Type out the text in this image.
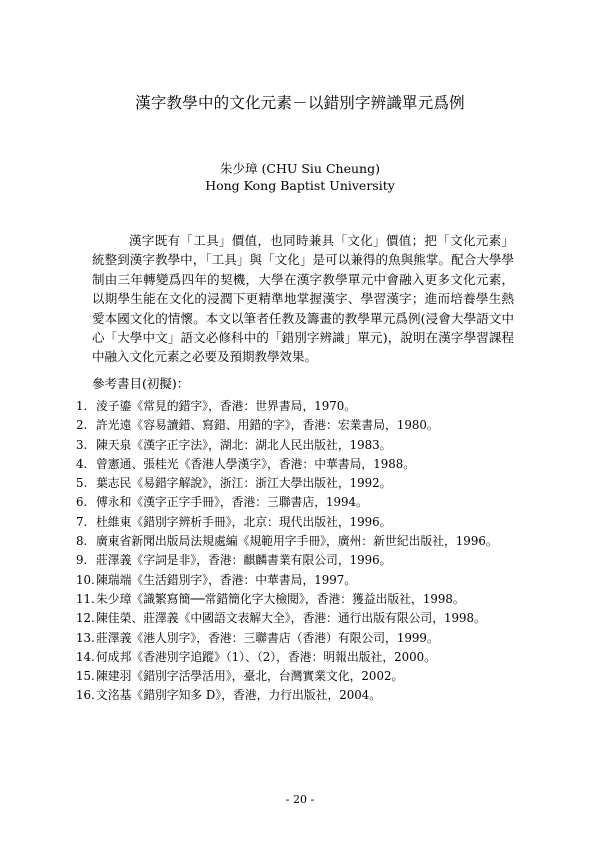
漢字教學中的文化元素－以錯別字辨識單元爲例
朱少璋 (CHU Siu Cheung)
Hong Kong Baptist University
漢字既有「工具」價值，也同時兼具「文化」價值；把「文化元素」統整到漢字教學中，「工具」與「文化」是可以兼得的魚與熊掌。配合大學學制由三年轉變爲四年的契機，大學在漢字教學單元中會融入更多文化元素，以期學生能在文化的浸潤下更精準地掌握漢字、學習漢字；進而培養學生熱愛本國文化的情懷。本文以筆者任教及籌畫的教學單元爲例(浸會大學語文中心「大學中文」語文必修科中的「錯別字辨識」單元)，說明在漢字學習課程中融入文化元素之必要及預期教學效果。
參考書目(初擬)：
1. 淩子鎏《常見的錯字》，香港：世界書局，1970。
2. 許光遠《容易讀錯、寫錯、用錯的字》，香港：宏業書局，1980。
3. 陳天泉《漢字正字法》，湖北：湖北人民出版社，1983。
4. 曾憲通、張桂光《香港人學漢字》，香港：中華書局，1988。
5. 葉志民《易錯字解說》，浙江：浙江大學出版社，1992。
6. 傅永和《漢字正字手冊》，香港：三聯書店，1994。
7. 杜維東《錯別字辨析手冊》，北京：現代出版社，1996。
8. 廣東省新聞出版局法規處編《規範用字手冊》，廣州：新世紀出版社，1996。
9. 莊澤義《字詞是非》，香港：麒麟書業有限公司，1996。
10. 陳瑞端《生活錯別字》，香港：中華書局，1997。
11. 朱少璋《識繁寫簡──常錯簡化字大檢閱》，香港：獲益出版社，1998。
12. 陳佳榮、莊澤義《中國語文表解大全》，香港：通行出版有限公司，1998。
13. 莊澤義《港人別字》，香港：三聯書店（香港）有限公司，1999。
14. 何成邦《香港別字追蹤》（1）、（2），香港：明報出版社，2000。
15. 陳建羽《錯別字活學活用》，臺北，台灣實業文化，2002。
16. 文洺基《錯別字知多 D》，香港，力行出版社，2004。
- 20 -
